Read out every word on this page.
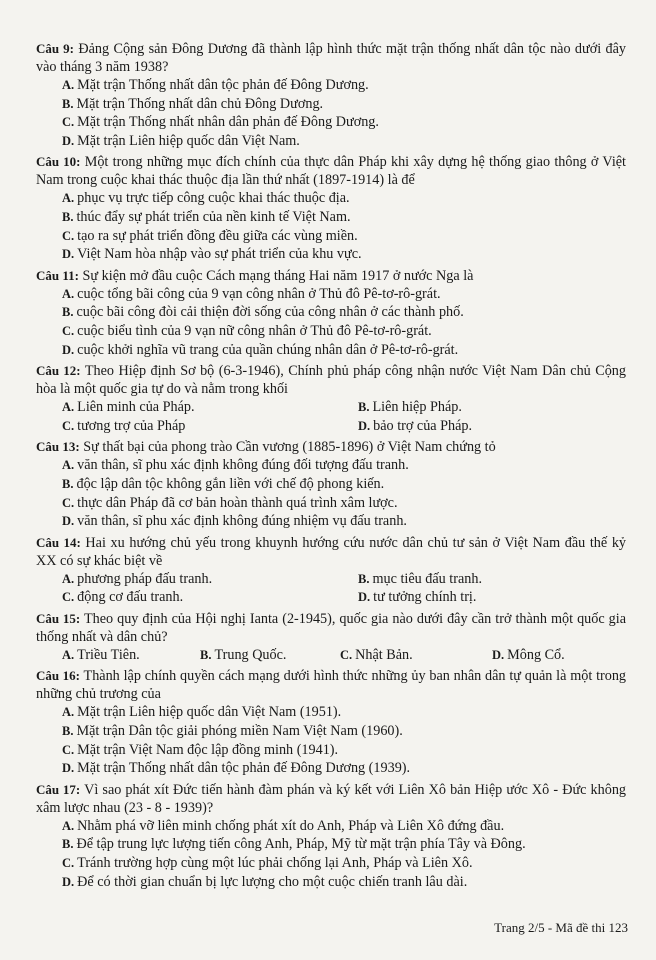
Câu 9: Đảng Cộng sản Đông Dương đã thành lập hình thức mặt trận thống nhất dân tộc nào dưới đây vào tháng 3 năm 1938?
A. Mặt trận Thống nhất dân tộc phản đế Đông Dương.
B. Mặt trận Thống nhất dân chủ Đông Dương.
C. Mặt trận Thống nhất nhân dân phản đế Đông Dương.
D. Mặt trận Liên hiệp quốc dân Việt Nam.
Câu 10: Một trong những mục đích chính của thực dân Pháp khi xây dựng hệ thống giao thông ở Việt Nam trong cuộc khai thác thuộc địa lần thứ nhất (1897-1914) là để
A. phục vụ trực tiếp công cuộc khai thác thuộc địa.
B. thúc đẩy sự phát triển của nền kinh tế Việt Nam.
C. tạo ra sự phát triển đồng đều giữa các vùng miền.
D. Việt Nam hòa nhập vào sự phát triển của khu vực.
Câu 11: Sự kiện mở đầu cuộc Cách mạng tháng Hai năm 1917 ở nước Nga là
A. cuộc tổng bãi công của 9 vạn công nhân ở Thủ đô Pê-tơ-rô-grát.
B. cuộc bãi công đòi cải thiện đời sống của công nhân ở các thành phố.
C. cuộc biểu tình của 9 vạn nữ công nhân ở Thủ đô Pê-tơ-rô-grát.
D. cuộc khởi nghĩa vũ trang của quần chúng nhân dân ở Pê-tơ-rô-grát.
Câu 12: Theo Hiệp định Sơ bộ (6-3-1946), Chính phủ pháp công nhận nước Việt Nam Dân chủ Cộng hòa là một quốc gia tự do và nằm trong khối
A. Liên minh của Pháp.	B. Liên hiệp Pháp.
C. tương trợ của Pháp	D. bảo trợ của Pháp.
Câu 13: Sự thất bại của phong trào Cần vương (1885-1896) ở Việt Nam chứng tỏ
A. văn thân, sĩ phu xác định không đúng đối tượng đấu tranh.
B. độc lập dân tộc không gắn liền với chế độ phong kiến.
C. thực dân Pháp đã cơ bản hoàn thành quá trình xâm lược.
D. văn thân, sĩ phu xác định không đúng nhiệm vụ đấu tranh.
Câu 14: Hai xu hướng chủ yếu trong khuynh hướng cứu nước dân chủ tư sản ở Việt Nam đầu thế kỷ XX có sự khác biệt về
A. phương pháp đấu tranh.	B. mục tiêu đấu tranh.
C. động cơ đấu tranh.	D. tư tưởng chính trị.
Câu 15: Theo quy định của Hội nghị Ianta (2-1945), quốc gia nào dưới đây cần trở thành một quốc gia thống nhất và dân chủ?
A. Triều Tiên.	B. Trung Quốc.	C. Nhật Bản.	D. Mông Cổ.
Câu 16: Thành lập chính quyền cách mạng dưới hình thức những ủy ban nhân dân tự quản là một trong những chủ trương của
A. Mặt trận Liên hiệp quốc dân Việt Nam (1951).
B. Mặt trận Dân tộc giải phóng miền Nam Việt Nam (1960).
C. Mặt trận Việt Nam độc lập đồng minh (1941).
D. Mặt trận Thống nhất dân tộc phản đế Đông Dương (1939).
Câu 17: Vì sao phát xít Đức tiến hành đàm phán và ký kết với Liên Xô bản Hiệp ước Xô - Đức không xâm lược nhau (23 - 8 - 1939)?
A. Nhằm phá vỡ liên minh chống phát xít do Anh, Pháp và Liên Xô đứng đầu.
B. Để tập trung lực lượng tiến công Anh, Pháp, Mỹ từ mặt trận phía Tây và Đông.
C. Tránh trường hợp cùng một lúc phải chống lại Anh, Pháp và Liên Xô.
D. Để có thời gian chuẩn bị lực lượng cho một cuộc chiến tranh lâu dài.
Trang 2/5 - Mã đề thi 123
